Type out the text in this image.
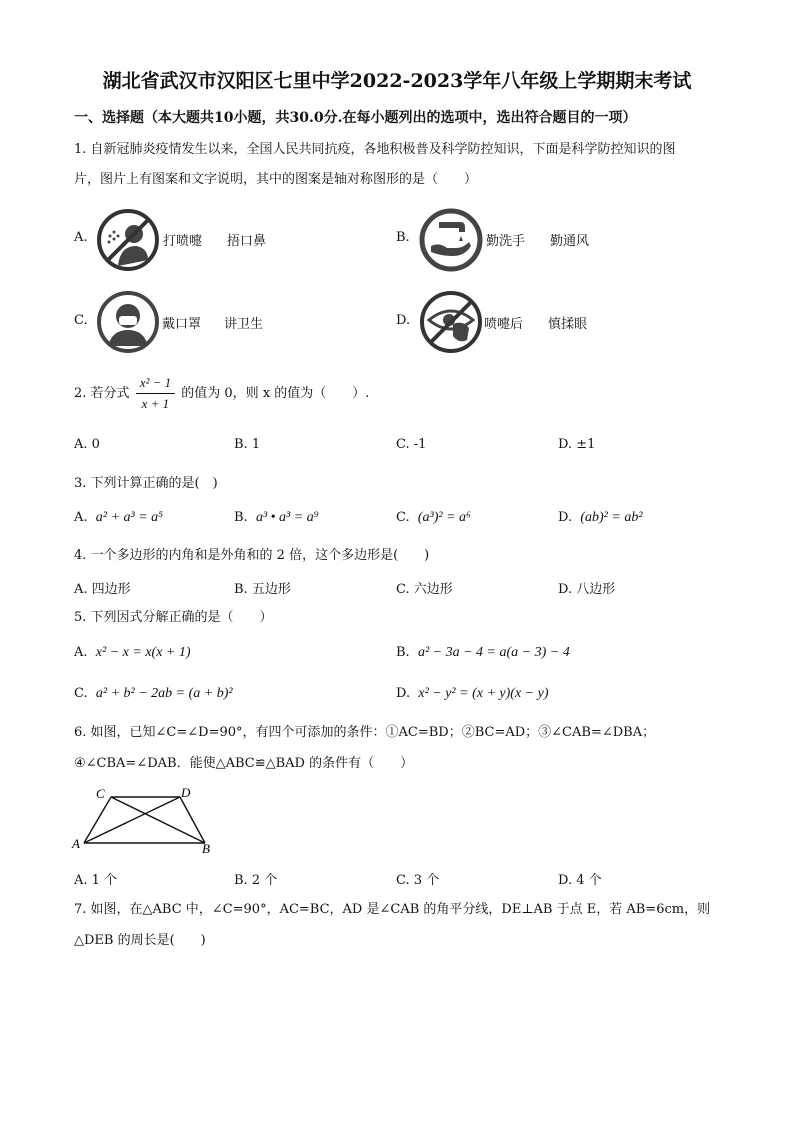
湖北省武汉市汉阳区七里中学2022-2023学年八年级上学期期末考试
一、选择题（本大题共10小题，共30.0分.在每小题列出的选项中，选出符合题目的一项）
1. 自新冠肺炎疫情发生以来，全国人民共同抗疫，各地积极普及科学防控知识，下面是科学防控知识的图
片，图片上有图案和文字说明，其中的图案是轴对称图形的是（　　）
A.	打喷嚏 捂口鼻	B.	勤洗手 勤通风
C.	戴口罩 讲卫生	D.	喷嚏后 慎揉眼
2. 若分式 $\frac{\text{x² − 1}}{x + 1}$ 的值为 0，则 x 的值为（　　）.
A. 0	B. 1	C. -1	D. ±1
3. 下列计算正确的是(　)
A. a² + a³ = a⁵	B. a³ • a³ = a⁹	C. (a³)² = a⁶	D. (ab)² = ab²
4. 一个多边形的内角和是外角和的 2 倍，这个多边形是(　　)
A. 四边形	B. 五边形	C. 六边形	D. 八边形
5. 下列因式分解正确的是（　　）
A. x² − x = x(x + 1)	B. a² − 3a − 4 = a(a − 3) − 4
C. a² + b² − 2ab = (a + b)²	D. x² − y² = (x + y)(x − y)
6. 如图，已知∠C=∠D=90°，有四个可添加的条件：①AC=BD；②BC=AD；③∠CAB=∠DBA；
④∠CBA=∠DAB．能使△ABC≌△BAD 的条件有（　　）
C	D
A	B
A. 1 个	B. 2 个	C. 3 个	D. 4 个
7. 如图，在△ABC 中，∠C=90°，AC=BC，AD 是∠CAB 的角平分线，DE⊥AB 于点 E，若 AB=6cm，则
△DEB 的周长是(　　)
